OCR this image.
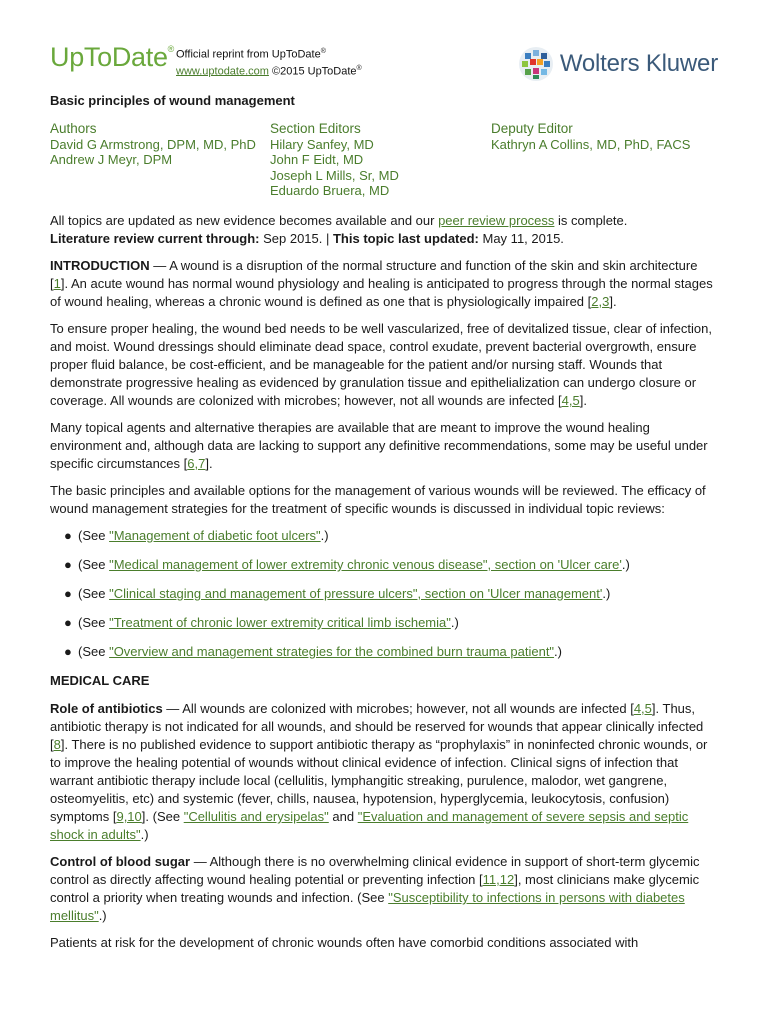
UpToDate® Official reprint from UpToDate®
www.uptodate.com ©2015 UpToDate®	Wolters Kluwer
Basic principles of wound management
Authors
David G Armstrong, DPM, MD, PhD
Andrew J Meyr, DPM
Section Editors
Hilary Sanfey, MD
John F Eidt, MD
Joseph L Mills, Sr, MD
Eduardo Bruera, MD
Deputy Editor
Kathryn A Collins, MD, PhD, FACS

All topics are updated as new evidence becomes available and our peer review process is complete.
Literature review current through: Sep 2015. | This topic last updated: May 11, 2015.

INTRODUCTION — A wound is a disruption of the normal structure and function of the skin and skin architecture [1]. An acute wound has normal wound physiology and healing is anticipated to progress through the normal stages of wound healing, whereas a chronic wound is defined as one that is physiologically impaired [2,3].

To ensure proper healing, the wound bed needs to be well vascularized, free of devitalized tissue, clear of infection, and moist. Wound dressings should eliminate dead space, control exudate, prevent bacterial overgrowth, ensure proper fluid balance, be cost-efficient, and be manageable for the patient and/or nursing staff. Wounds that demonstrate progressive healing as evidenced by granulation tissue and epithelialization can undergo closure or coverage. All wounds are colonized with microbes; however, not all wounds are infected [4,5].

Many topical agents and alternative therapies are available that are meant to improve the wound healing environment and, although data are lacking to support any definitive recommendations, some may be useful under specific circumstances [6,7].

The basic principles and available options for the management of various wounds will be reviewed. The efficacy of wound management strategies for the treatment of specific wounds is discussed in individual topic reviews:

● (See "Management of diabetic foot ulcers".)
● (See "Medical management of lower extremity chronic venous disease", section on 'Ulcer care'.)
● (See "Clinical staging and management of pressure ulcers", section on 'Ulcer management'.)
● (See "Treatment of chronic lower extremity critical limb ischemia".)
● (See "Overview and management strategies for the combined burn trauma patient".)
MEDICAL CARE

Role of antibiotics — All wounds are colonized with microbes; however, not all wounds are infected [4,5]. Thus, antibiotic therapy is not indicated for all wounds, and should be reserved for wounds that appear clinically infected [8]. There is no published evidence to support antibiotic therapy as “prophylaxis” in noninfected chronic wounds, or to improve the healing potential of wounds without clinical evidence of infection. Clinical signs of infection that warrant antibiotic therapy include local (cellulitis, lymphangitic streaking, purulence, malodor, wet gangrene, osteomyelitis, etc) and systemic (fever, chills, nausea, hypotension, hyperglycemia, leukocytosis, confusion) symptoms [9,10]. (See "Cellulitis and erysipelas" and "Evaluation and management of severe sepsis and septic shock in adults".)

Control of blood sugar — Although there is no overwhelming clinical evidence in support of short-term glycemic control as directly affecting wound healing potential or preventing infection [11,12], most clinicians make glycemic control a priority when treating wounds and infection. (See "Susceptibility to infections in persons with diabetes mellitus".)

Patients at risk for the development of chronic wounds often have comorbid conditions associated with
